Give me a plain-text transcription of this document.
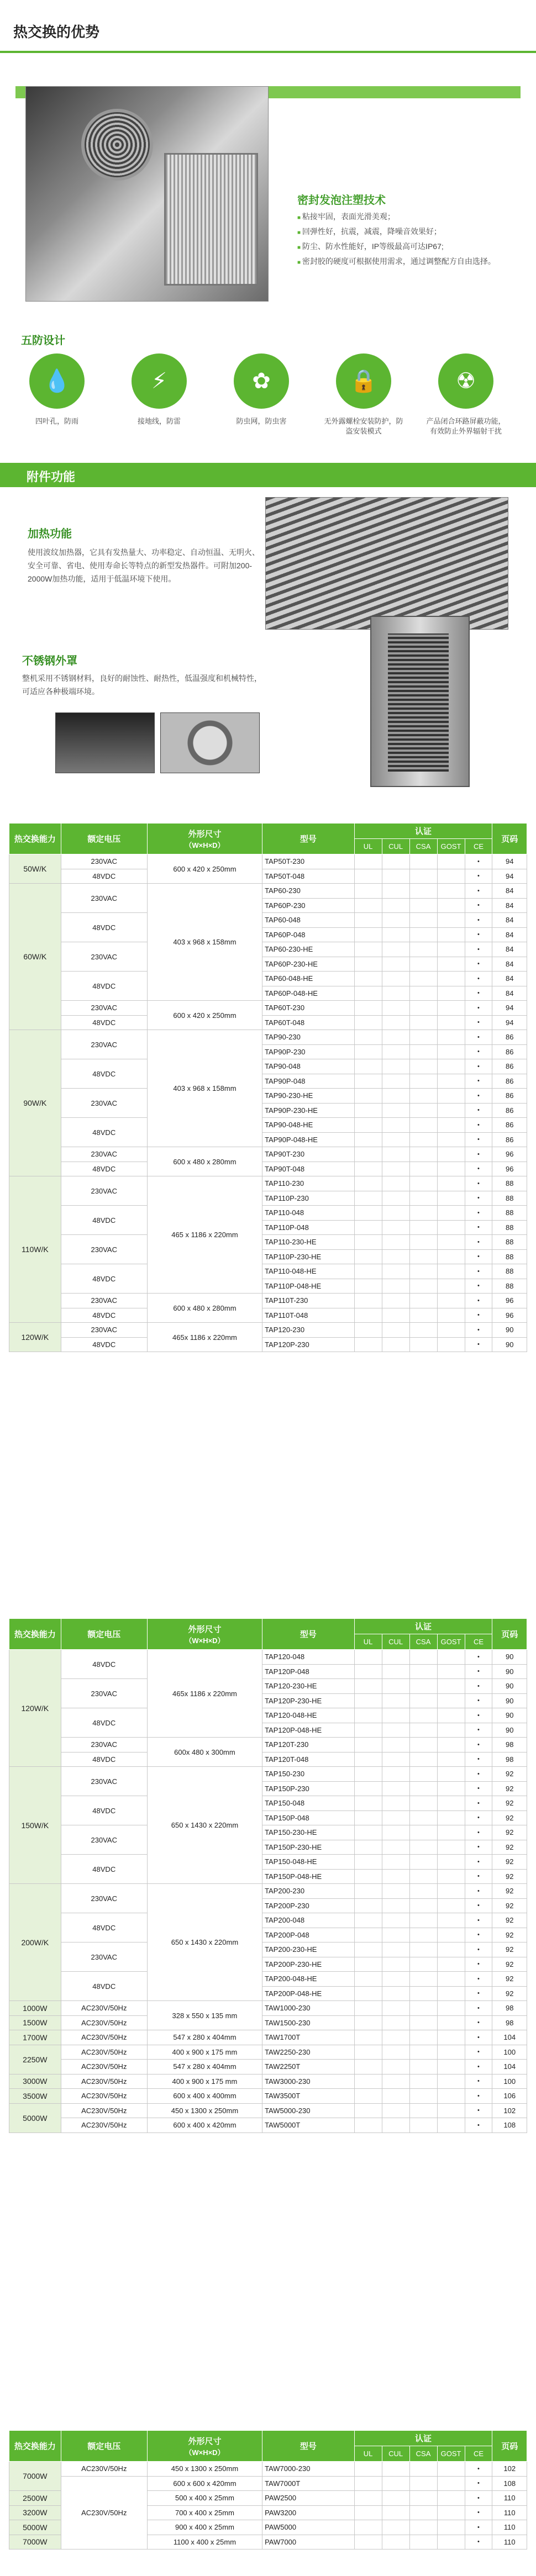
热交换的优势
密封发泡注塑技术
■ 粘接牢固，表面光滑美观；
■ 回弹性好，抗震，减震，降噪音效果好；
■ 防尘、防水性能好，IP等级最高可达IP67;
■ 密封胶的硬度可根据使用需求，通过调整配方自由选择。
五防设计
💧
四叶孔，防雨
⚡
接地线，防雷
✿
防虫网，防虫害
🔒
无外露螺栓安装防护，防盗安装模式
☢
产品闭合环路屏蔽功能，有效防止外界辐射干扰
附件功能
加热功能
使用波纹加热器，它具有发热量大、功率稳定、自动恒温、无明火、安全可靠、省电、使用寿命长等特点的新型发热器件。可附加200-2000W加热功能，适用于低温环境下使用。
不锈钢外罩
整机采用不锈钢材料，良好的耐蚀性、耐热性，低温强度和机械特性，可适应各种极端环境。
热交换能力	额定电压	外形尺寸
（W×H×D）	型号	认证					页码
				UL	CUL	CSA	GOST	CE	
50W/K	230VAC	600 x 420 x 250mm	TAP50T-230					•	94
	48VDC		TAP50T-048					•	94
60W/K	230VAC	403 x 968 x 158mm	TAP60-230					•	84
			TAP60P-230					•	84
	48VDC		TAP60-048					•	84
			TAP60P-048					•	84
	230VAC		TAP60-230-HE					•	84
			TAP60P-230-HE					•	84
	48VDC		TAP60-048-HE					•	84
			TAP60P-048-HE					•	84
	230VAC	600 x 420 x 250mm	TAP60T-230					•	94
	48VDC		TAP60T-048					•	94
90W/K	230VAC	403 x 968 x 158mm	TAP90-230					•	86
			TAP90P-230					•	86
	48VDC		TAP90-048					•	86
			TAP90P-048					•	86
	230VAC		TAP90-230-HE					•	86
			TAP90P-230-HE					•	86
	48VDC		TAP90-048-HE					•	86
			TAP90P-048-HE					•	86
	230VAC	600 x 480 x 280mm	TAP90T-230					•	96
	48VDC		TAP90T-048					•	96
110W/K	230VAC	465 x 1186 x 220mm	TAP110-230					•	88
			TAP110P-230					•	88
	48VDC		TAP110-048					•	88
			TAP110P-048					•	88
	230VAC		TAP110-230-HE					•	88
			TAP110P-230-HE					•	88
	48VDC		TAP110-048-HE					•	88
			TAP110P-048-HE					•	88
	230VAC	600 x 480 x 280mm	TAP110T-230					•	96
	48VDC		TAP110T-048					•	96
120W/K	230VAC	465x 1186 x 220mm	TAP120-230					•	90
	48VDC		TAP120P-230					•	90
热交换能力	额定电压	外形尺寸
（W×H×D）	型号	认证					页码
				UL	CUL	CSA	GOST	CE	
120W/K	48VDC	465x 1186 x 220mm	TAP120-048					•	90
			TAP120P-048					•	90
	230VAC		TAP120-230-HE					•	90
			TAP120P-230-HE					•	90
	48VDC		TAP120-048-HE					•	90
			TAP120P-048-HE					•	90
	230VAC	600x 480 x 300mm	TAP120T-230					•	98
	48VDC		TAP120T-048					•	98
150W/K	230VAC	650 x 1430 x 220mm	TAP150-230					•	92
			TAP150P-230					•	92
	48VDC		TAP150-048					•	92
			TAP150P-048					•	92
	230VAC		TAP150-230-HE					•	92
			TAP150P-230-HE					•	92
	48VDC		TAP150-048-HE					•	92
			TAP150P-048-HE					•	92
200W/K	230VAC	650 x 1430 x 220mm	TAP200-230					•	92
			TAP200P-230					•	92
	48VDC		TAP200-048					•	92
			TAP200P-048					•	92
	230VAC		TAP200-230-HE					•	92
			TAP200P-230-HE					•	92
	48VDC		TAP200-048-HE					•	92
			TAP200P-048-HE					•	92
1000W	AC230V/50Hz	328 x 550 x 135 mm	TAW1000-230					•	98
1500W	AC230V/50Hz		TAW1500-230					•	98
1700W	AC230V/50Hz	547 x 280 x 404mm	TAW1700T					•	104
2250W	AC230V/50Hz	400 x 900 x 175 mm	TAW2250-230					•	100
	AC230V/50Hz	547 x 280 x 404mm	TAW2250T					•	104
3000W	AC230V/50Hz	400 x 900 x 175 mm	TAW3000-230					•	100
3500W	AC230V/50Hz	600 x 400 x 400mm	TAW3500T					•	106
5000W	AC230V/50Hz	450 x 1300 x 250mm	TAW5000-230					•	102
	AC230V/50Hz	600 x 400 x 420mm	TAW5000T					•	108
热交换能力	额定电压	外形尺寸
（W×H×D）	型号	认证					页码
				UL	CUL	CSA	GOST	CE	
7000W	AC230V/50Hz	450 x 1300 x 250mm	TAW7000-230					•	102
	AC230V/50Hz	600 x 600 x 420mm	TAW7000T					•	108
2500W		500 x 400 x 25mm	PAW2500					•	110
3200W		700 x 400 x 25mm	PAW3200					•	110
5000W		900 x 400 x 25mm	PAW5000					•	110
7000W		1100 x 400 x 25mm	PAW7000					•	110
